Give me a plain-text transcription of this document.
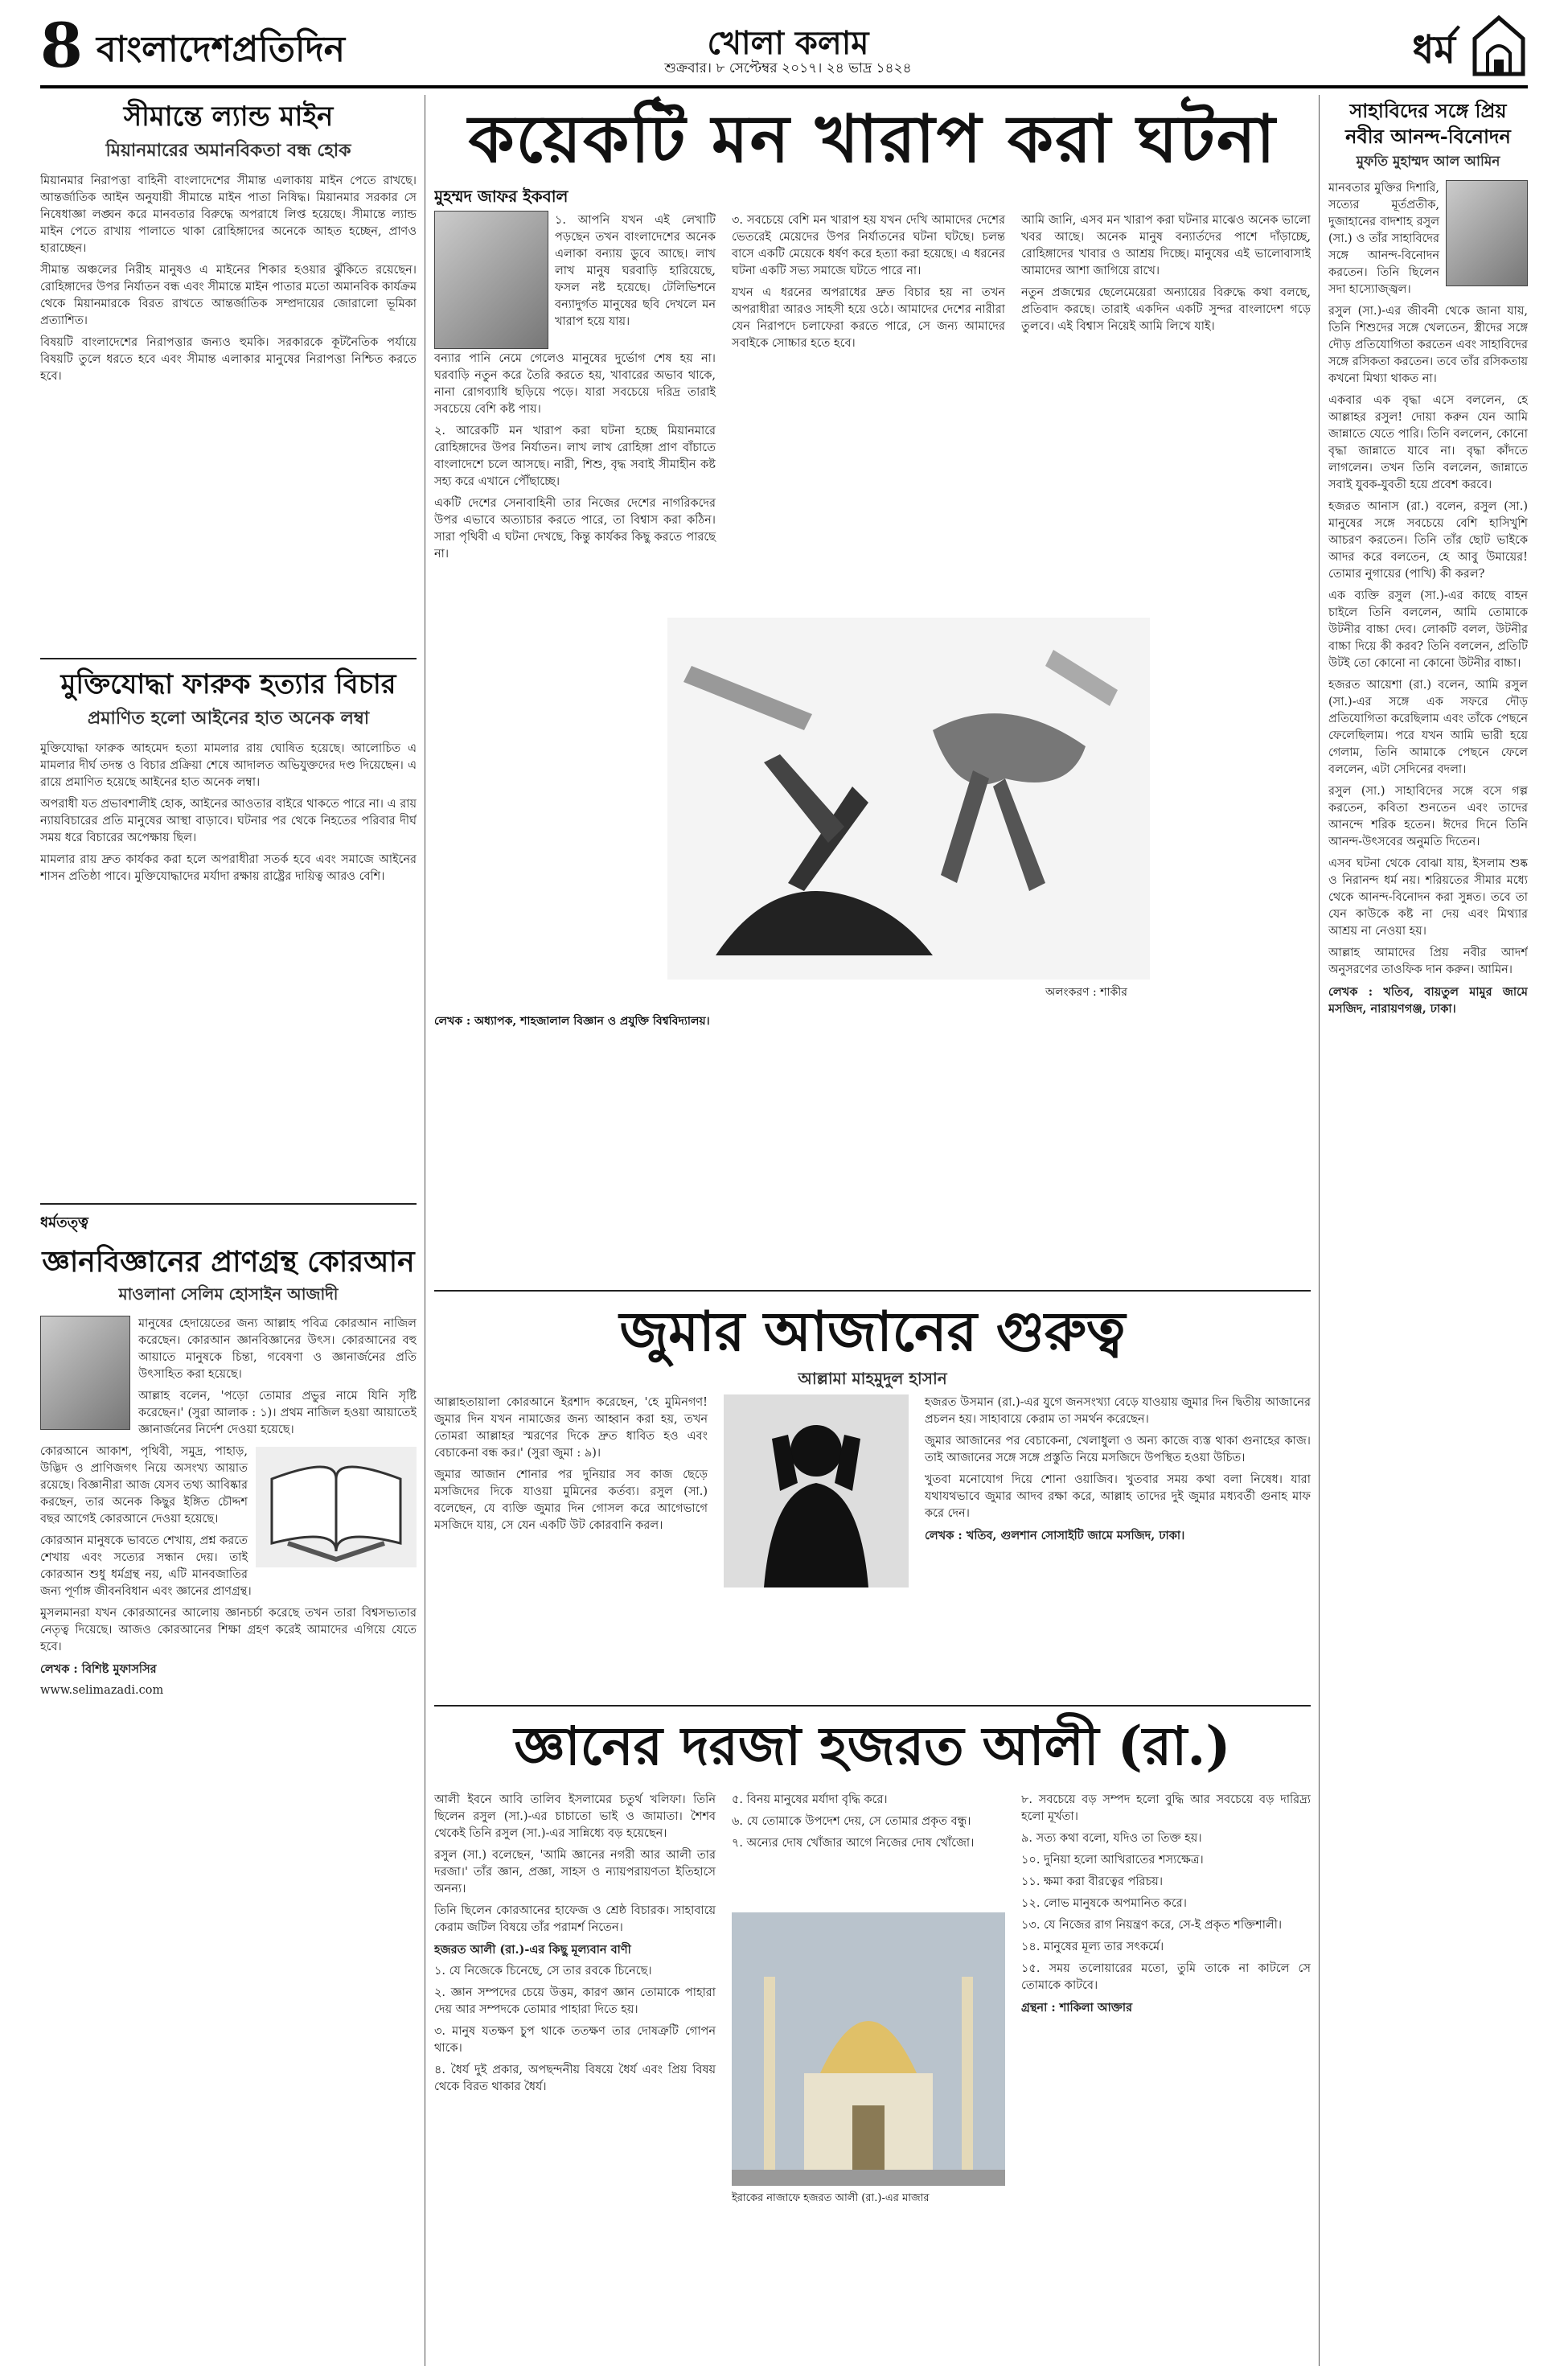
8 বাংলাদেশপ্রতিদিন	খোলা কলাম
শুক্রবার। ৮ সেপ্টেম্বর ২০১৭। ২৪ ভাদ্র ১৪২৪	ধর্ম
সীমান্তে ল্যান্ড মাইন
মিয়ানমারের অমানবিকতা বন্ধ হোক

মিয়ানমার নিরাপত্তা বাহিনী বাংলাদেশের সীমান্ত এলাকায় মাইন পেতে রাখছে। আন্তর্জাতিক আইন অনুযায়ী সীমান্তে মাইন পাতা নিষিদ্ধ। মিয়ানমার সরকার সে নিষেধাজ্ঞা লঙ্ঘন করে মানবতার বিরুদ্ধে অপরাধে লিপ্ত হয়েছে। সীমান্তে ল্যান্ড মাইন পেতে রাখায় পালাতে থাকা রোহিঙ্গাদের অনেকে আহত হচ্ছেন, প্রাণও হারাচ্ছেন।

সীমান্ত অঞ্চলের নিরীহ মানুষও এ মাইনের শিকার হওয়ার ঝুঁকিতে রয়েছেন। রোহিঙ্গাদের উপর নির্যাতন বন্ধ এবং সীমান্তে মাইন পাতার মতো অমানবিক কার্যক্রম থেকে মিয়ানমারকে বিরত রাখতে আন্তর্জাতিক সম্প্রদায়ের জোরালো ভূমিকা প্রত্যাশিত।

বিষয়টি বাংলাদেশের নিরাপত্তার জন্যও হুমকি। সরকারকে কূটনৈতিক পর্যায়ে বিষয়টি তুলে ধরতে হবে এবং সীমান্ত এলাকার মানুষের নিরাপত্তা নিশ্চিত করতে হবে।

মুক্তিযোদ্ধা ফারুক হত্যার বিচার
প্রমাণিত হলো আইনের হাত অনেক লম্বা

মুক্তিযোদ্ধা ফারুক আহমেদ হত্যা মামলার রায় ঘোষিত হয়েছে। আলোচিত এ মামলার দীর্ঘ তদন্ত ও বিচার প্রক্রিয়া শেষে আদালত অভিযুক্তদের দণ্ড দিয়েছেন। এ রায়ে প্রমাণিত হয়েছে আইনের হাত অনেক লম্বা।

অপরাধী যত প্রভাবশালীই হোক, আইনের আওতার বাইরে থাকতে পারে না। এ রায় ন্যায়বিচারের প্রতি মানুষের আস্থা বাড়াবে। ঘটনার পর থেকে নিহতের পরিবার দীর্ঘ সময় ধরে বিচারের অপেক্ষায় ছিল।

মামলার রায় দ্রুত কার্যকর করা হলে অপরাধীরা সতর্ক হবে এবং সমাজে আইনের শাসন প্রতিষ্ঠা পাবে। মুক্তিযোদ্ধাদের মর্যাদা রক্ষায় রাষ্ট্রের দায়িত্ব আরও বেশি।

ধর্মতত্ত্ব
জ্ঞানবিজ্ঞানের প্রাণগ্রন্থ কোরআন
মাওলানা সেলিম হোসাইন আজাদী

মানুষের হেদায়েতের জন্য আল্লাহ পবিত্র কোরআন নাজিল করেছেন। কোরআন জ্ঞানবিজ্ঞানের উৎস। কোরআনের বহু আয়াতে মানুষকে চিন্তা, গবেষণা ও জ্ঞানার্জনের প্রতি উৎসাহিত করা হয়েছে।

আল্লাহ বলেন, 'পড়ো তোমার প্রভুর নামে যিনি সৃষ্টি করেছেন।' (সুরা আলাক : ১)। প্রথম নাজিল হওয়া আয়াতেই জ্ঞানার্জনের নির্দেশ দেওয়া হয়েছে।

কোরআনে আকাশ, পৃথিবী, সমুদ্র, পাহাড়, উদ্ভিদ ও প্রাণিজগৎ নিয়ে অসংখ্য আয়াত রয়েছে। বিজ্ঞানীরা আজ যেসব তথ্য আবিষ্কার করছেন, তার অনেক কিছুর ইঙ্গিত চৌদ্দশ বছর আগেই কোরআনে দেওয়া হয়েছে।

কোরআন মানুষকে ভাবতে শেখায়, প্রশ্ন করতে শেখায় এবং সত্যের সন্ধান দেয়। তাই কোরআন শুধু ধর্মগ্রন্থ নয়, এটি মানবজাতির জন্য পূর্ণাঙ্গ জীবনবিধান এবং জ্ঞানের প্রাণগ্রন্থ।

মুসলমানরা যখন কোরআনের আলোয় জ্ঞানচর্চা করেছে তখন তারা বিশ্বসভ্যতার নেতৃত্ব দিয়েছে। আজও কোরআনের শিক্ষা গ্রহণ করেই আমাদের এগিয়ে যেতে হবে।

লেখক : বিশিষ্ট মুফাসসির

www.selimazadi.com

কয়েকটি মন খারাপ করা ঘটনা
মুহম্মদ জাফর ইকবাল

১. আপনি যখন এই লেখাটি পড়ছেন তখন বাংলাদেশের অনেক এলাকা বন্যায় ডুবে আছে। লাখ লাখ মানুষ ঘরবাড়ি হারিয়েছে, ফসল নষ্ট হয়েছে। টেলিভিশনে বন্যাদুর্গত মানুষের ছবি দেখলে মন খারাপ হয়ে যায়।

বন্যার পানি নেমে গেলেও মানুষের দুর্ভোগ শেষ হয় না। ঘরবাড়ি নতুন করে তৈরি করতে হয়, খাবারের অভাব থাকে, নানা রোগব্যাধি ছড়িয়ে পড়ে। যারা সবচেয়ে দরিদ্র তারাই সবচেয়ে বেশি কষ্ট পায়।

২. আরেকটি মন খারাপ করা ঘটনা হচ্ছে মিয়ানমারে রোহিঙ্গাদের উপর নির্যাতন। লাখ লাখ রোহিঙ্গা প্রাণ বাঁচাতে বাংলাদেশে চলে আসছে। নারী, শিশু, বৃদ্ধ সবাই সীমাহীন কষ্ট সহ্য করে এখানে পৌঁছাচ্ছে।

একটি দেশের সেনাবাহিনী তার নিজের দেশের নাগরিকদের উপর এভাবে অত্যাচার করতে পারে, তা বিশ্বাস করা কঠিন। সারা পৃথিবী এ ঘটনা দেখছে, কিন্তু কার্যকর কিছু করতে পারছে না।

৩. সবচেয়ে বেশি মন খারাপ হয় যখন দেখি আমাদের দেশের ভেতরেই মেয়েদের উপর নির্যাতনের ঘটনা ঘটছে। চলন্ত বাসে একটি মেয়েকে ধর্ষণ করে হত্যা করা হয়েছে। এ ধরনের ঘটনা একটি সভ্য সমাজে ঘটতে পারে না।

যখন এ ধরনের অপরাধের দ্রুত বিচার হয় না তখন অপরাধীরা আরও সাহসী হয়ে ওঠে। আমাদের দেশের নারীরা যেন নিরাপদে চলাফেরা করতে পারে, সে জন্য আমাদের সবাইকে সোচ্চার হতে হবে।

আমি জানি, এসব মন খারাপ করা ঘটনার মাঝেও অনেক ভালো খবর আছে। অনেক মানুষ বন্যার্তদের পাশে দাঁড়াচ্ছে, রোহিঙ্গাদের খাবার ও আশ্রয় দিচ্ছে। মানুষের এই ভালোবাসাই আমাদের আশা জাগিয়ে রাখে।

নতুন প্রজন্মের ছেলেমেয়েরা অন্যায়ের বিরুদ্ধে কথা বলছে, প্রতিবাদ করছে। তারাই একদিন একটি সুন্দর বাংলাদেশ গড়ে তুলবে। এই বিশ্বাস নিয়েই আমি লিখে যাই।

অলংকরণ : শাকীর
লেখক : অধ্যাপক, শাহজালাল বিজ্ঞান ও প্রযুক্তি বিশ্ববিদ্যালয়।
জুমার আজানের গুরুত্ব
আল্লামা মাহমুদুল হাসান

আল্লাহতায়ালা কোরআনে ইরশাদ করেছেন, 'হে মুমিনগণ! জুমার দিন যখন নামাজের জন্য আহ্বান করা হয়, তখন তোমরা আল্লাহর স্মরণের দিকে দ্রুত ধাবিত হও এবং বেচাকেনা বন্ধ কর।' (সুরা জুমা : ৯)।

জুমার আজান শোনার পর দুনিয়ার সব কাজ ছেড়ে মসজিদের দিকে যাওয়া মুমিনের কর্তব্য। রসুল (সা.) বলেছেন, যে ব্যক্তি জুমার দিন গোসল করে আগেভাগে মসজিদে যায়, সে যেন একটি উট কোরবানি করল।

হজরত উসমান (রা.)-এর যুগে জনসংখ্যা বেড়ে যাওয়ায় জুমার দিন দ্বিতীয় আজানের প্রচলন হয়। সাহাবায়ে কেরাম তা সমর্থন করেছেন।

জুমার আজানের পর বেচাকেনা, খেলাধুলা ও অন্য কাজে ব্যস্ত থাকা গুনাহের কাজ। তাই আজানের সঙ্গে সঙ্গে প্রস্তুতি নিয়ে মসজিদে উপস্থিত হওয়া উচিত।

খুতবা মনোযোগ দিয়ে শোনা ওয়াজিব। খুতবার সময় কথা বলা নিষেধ। যারা যথাযথভাবে জুমার আদব রক্ষা করে, আল্লাহ তাদের দুই জুমার মধ্যবর্তী গুনাহ মাফ করে দেন।

লেখক : খতিব, গুলশান সোসাইটি জামে মসজিদ, ঢাকা।

জ্ঞানের দরজা হজরত আলী (রা.)

আলী ইবনে আবি তালিব ইসলামের চতুর্থ খলিফা। তিনি ছিলেন রসুল (সা.)-এর চাচাতো ভাই ও জামাতা। শৈশব থেকেই তিনি রসুল (সা.)-এর সান্নিধ্যে বড় হয়েছেন।

রসুল (সা.) বলেছেন, 'আমি জ্ঞানের নগরী আর আলী তার দরজা।' তাঁর জ্ঞান, প্রজ্ঞা, সাহস ও ন্যায়পরায়ণতা ইতিহাসে অনন্য।

তিনি ছিলেন কোরআনের হাফেজ ও শ্রেষ্ঠ বিচারক। সাহাবায়ে কেরাম জটিল বিষয়ে তাঁর পরামর্শ নিতেন।

হজরত আলী (রা.)-এর কিছু মূল্যবান বাণী

১. যে নিজেকে চিনেছে, সে তার রবকে চিনেছে।

২. জ্ঞান সম্পদের চেয়ে উত্তম, কারণ জ্ঞান তোমাকে পাহারা দেয় আর সম্পদকে তোমার পাহারা দিতে হয়।

৩. মানুষ যতক্ষণ চুপ থাকে ততক্ষণ তার দোষত্রুটি গোপন থাকে।

৪. ধৈর্য দুই প্রকার, অপছন্দনীয় বিষয়ে ধৈর্য এবং প্রিয় বিষয় থেকে বিরত থাকার ধৈর্য।

৫. বিনয় মানুষের মর্যাদা বৃদ্ধি করে।

৬. যে তোমাকে উপদেশ দেয়, সে তোমার প্রকৃত বন্ধু।

৭. অন্যের দোষ খোঁজার আগে নিজের দোষ খোঁজো।

ইরাকের নাজাফে হজরত আলী (রা.)-এর মাজার

৮. সবচেয়ে বড় সম্পদ হলো বুদ্ধি আর সবচেয়ে বড় দারিদ্র্য হলো মূর্খতা।

৯. সত্য কথা বলো, যদিও তা তিক্ত হয়।

১০. দুনিয়া হলো আখিরাতের শস্যক্ষেত্র।

১১. ক্ষমা করা বীরত্বের পরিচয়।

১২. লোভ মানুষকে অপমানিত করে।

১৩. যে নিজের রাগ নিয়ন্ত্রণ করে, সে-ই প্রকৃত শক্তিশালী।

১৪. মানুষের মূল্য তার সৎকর্মে।

১৫. সময় তলোয়ারের মতো, তুমি তাকে না কাটলে সে তোমাকে কাটবে।

গ্রন্থনা : শাকিলা আক্তার

সাহাবিদের সঙ্গে প্রিয় নবীর আনন্দ-বিনোদন
মুফতি মুহাম্মদ আল আমিন

মানবতার মুক্তির দিশারি, সত্যের মূর্তপ্রতীক, দুজাহানের বাদশাহ রসুল (সা.) ও তাঁর সাহাবিদের সঙ্গে আনন্দ-বিনোদন করতেন। তিনি ছিলেন সদা হাস্যোজ্জ্বল।

রসুল (সা.)-এর জীবনী থেকে জানা যায়, তিনি শিশুদের সঙ্গে খেলতেন, স্ত্রীদের সঙ্গে দৌড় প্রতিযোগিতা করতেন এবং সাহাবিদের সঙ্গে রসিকতা করতেন। তবে তাঁর রসিকতায় কখনো মিথ্যা থাকত না।

একবার এক বৃদ্ধা এসে বললেন, হে আল্লাহর রসুল! দোয়া করুন যেন আমি জান্নাতে যেতে পারি। তিনি বললেন, কোনো বৃদ্ধা জান্নাতে যাবে না। বৃদ্ধা কাঁদতে লাগলেন। তখন তিনি বললেন, জান্নাতে সবাই যুবক-যুবতী হয়ে প্রবেশ করবে।

হজরত আনাস (রা.) বলেন, রসুল (সা.) মানুষের সঙ্গে সবচেয়ে বেশি হাসিখুশি আচরণ করতেন। তিনি তাঁর ছোট ভাইকে আদর করে বলতেন, হে আবু উমায়ের! তোমার নুগায়ের (পাখি) কী করল?

এক ব্যক্তি রসুল (সা.)-এর কাছে বাহন চাইলে তিনি বললেন, আমি তোমাকে উটনীর বাচ্চা দেব। লোকটি বলল, উটনীর বাচ্চা দিয়ে কী করব? তিনি বললেন, প্রতিটি উটই তো কোনো না কোনো উটনীর বাচ্চা।

হজরত আয়েশা (রা.) বলেন, আমি রসুল (সা.)-এর সঙ্গে এক সফরে দৌড় প্রতিযোগিতা করেছিলাম এবং তাঁকে পেছনে ফেলেছিলাম। পরে যখন আমি ভারী হয়ে গেলাম, তিনি আমাকে পেছনে ফেলে বললেন, এটা সেদিনের বদলা।

রসুল (সা.) সাহাবিদের সঙ্গে বসে গল্প করতেন, কবিতা শুনতেন এবং তাদের আনন্দে শরিক হতেন। ঈদের দিনে তিনি আনন্দ-উৎসবের অনুমতি দিতেন।

এসব ঘটনা থেকে বোঝা যায়, ইসলাম শুষ্ক ও নিরানন্দ ধর্ম নয়। শরিয়তের সীমার মধ্যে থেকে আনন্দ-বিনোদন করা সুন্নত। তবে তা যেন কাউকে কষ্ট না দেয় এবং মিথ্যার আশ্রয় না নেওয়া হয়।

আল্লাহ আমাদের প্রিয় নবীর আদর্শ অনুসরণের তাওফিক দান করুন। আমিন।

লেখক : খতিব, বায়তুল মামুর জামে মসজিদ, নারায়ণগঞ্জ, ঢাকা।
